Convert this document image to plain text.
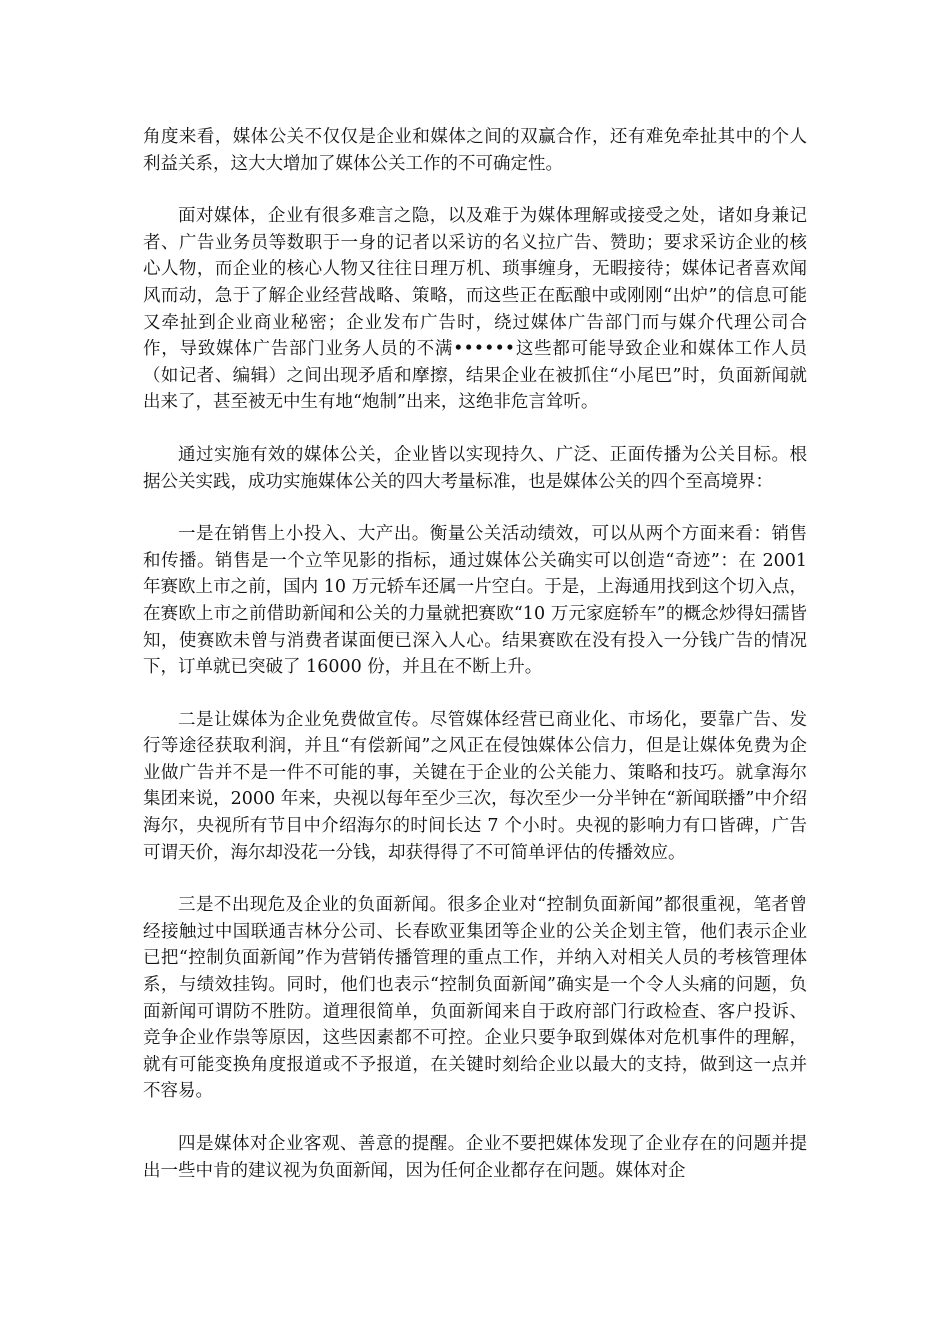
角度来看，媒体公关不仅仅是企业和媒体之间的双赢合作，还有难免牵扯其中的个人利益关系，这大大增加了媒体公关工作的不可确定性。

面对媒体，企业有很多难言之隐，以及难于为媒体理解或接受之处，诸如身兼记者、广告业务员等数职于一身的记者以采访的名义拉广告、赞助；要求采访企业的核心人物，而企业的核心人物又往往日理万机、琐事缠身，无暇接待；媒体记者喜欢闻风而动，急于了解企业经营战略、策略，而这些正在酝酿中或刚刚“出炉”的信息可能又牵扯到企业商业秘密；企业发布广告时，绕过媒体广告部门而与媒介代理公司合作，导致媒体广告部门业务人员的不满••••••这些都可能导致企业和媒体工作人员（如记者、编辑）之间出现矛盾和摩擦，结果企业在被抓住“小尾巴”时，负面新闻就出来了，甚至被无中生有地“炮制”出来，这绝非危言耸听。

通过实施有效的媒体公关，企业皆以实现持久、广泛、正面传播为公关目标。根据公关实践，成功实施媒体公关的四大考量标准，也是媒体公关的四个至高境界：

一是在销售上小投入、大产出。衡量公关活动绩效，可以从两个方面来看：销售和传播。销售是一个立竿见影的指标，通过媒体公关确实可以创造“奇迹”：在 2001 年赛欧上市之前，国内 10 万元轿车还属一片空白。于是，上海通用找到这个切入点，在赛欧上市之前借助新闻和公关的力量就把赛欧“10 万元家庭轿车”的概念炒得妇孺皆知，使赛欧未曾与消费者谋面便已深入人心。结果赛欧在没有投入一分钱广告的情况下，订单就已突破了 16000 份，并且在不断上升。

二是让媒体为企业免费做宣传。尽管媒体经营已商业化、市场化，要靠广告、发行等途径获取利润，并且“有偿新闻”之风正在侵蚀媒体公信力，但是让媒体免费为企业做广告并不是一件不可能的事，关键在于企业的公关能力、策略和技巧。就拿海尔集团来说，2000 年来，央视以每年至少三次，每次至少一分半钟在“新闻联播”中介绍海尔，央视所有节目中介绍海尔的时间长达 7 个小时。央视的影响力有口皆碑，广告可谓天价，海尔却没花一分钱，却获得得了不可简单评估的传播效应。

三是不出现危及企业的负面新闻。很多企业对“控制负面新闻”都很重视，笔者曾经接触过中国联通吉林分公司、长春欧亚集团等企业的公关企划主管，他们表示企业已把“控制负面新闻”作为营销传播管理的重点工作，并纳入对相关人员的考核管理体系，与绩效挂钩。同时，他们也表示“控制负面新闻”确实是一个令人头痛的问题，负面新闻可谓防不胜防。道理很简单，负面新闻来自于政府部门行政检查、客户投诉、竞争企业作祟等原因，这些因素都不可控。企业只要争取到媒体对危机事件的理解，就有可能变换角度报道或不予报道，在关键时刻给企业以最大的支持，做到这一点并不容易。

四是媒体对企业客观、善意的提醒。企业不要把媒体发现了企业存在的问题并提出一些中肯的建议视为负面新闻，因为任何企业都存在问题。媒体对企
